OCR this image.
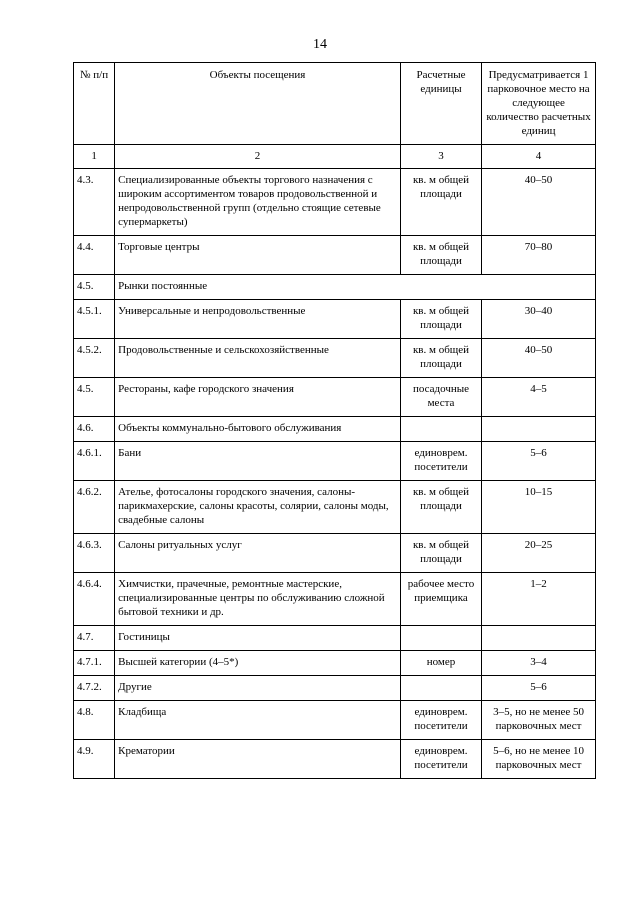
14
№ п/п	Объекты посещения	Расчетные единицы	Предусматривается 1 парковочное место на следующее количество расчетных единиц
1	2	3	4
4.3.	Специализированные объекты торгового назначения с широким ассортиментом товаров продовольственной и непродовольственной групп (отдельно стоящие сетевые супермаркеты)	кв. м общей площади	40–50
4.4.	Торговые центры	кв. м общей площади	70–80
4.5.	Рынки постоянные		
4.5.1.	Универсальные и непродовольственные	кв. м общей площади	30–40
4.5.2.	Продовольственные и сельскохозяйственные	кв. м общей площади	40–50
4.5.	Рестораны, кафе городского значения	посадочные места	4–5
4.6.	Объекты коммунально-бытового обслуживания		
4.6.1.	Бани	единоврем. посетители	5–6
4.6.2.	Ателье, фотосалоны городского значения, салоны-парикмахерские, салоны красоты, солярии, салоны моды, свадебные салоны	кв. м общей площади	10–15
4.6.3.	Салоны ритуальных услуг	кв. м общей площади	20–25
4.6.4.	Химчистки, прачечные, ремонтные мастерские, специализированные центры по обслуживанию сложной бытовой техники и др.	рабочее место приемщика	1–2
4.7.	Гостиницы		
4.7.1.	Высшей категории (4–5*)	номер	3–4
4.7.2.	Другие		5–6
4.8.	Кладбища	единоврем. посетители	3–5, но не менее 50 парковочных мест
4.9.	Крематории	единоврем. посетители	5–6, но не менее 10 парковочных мест
